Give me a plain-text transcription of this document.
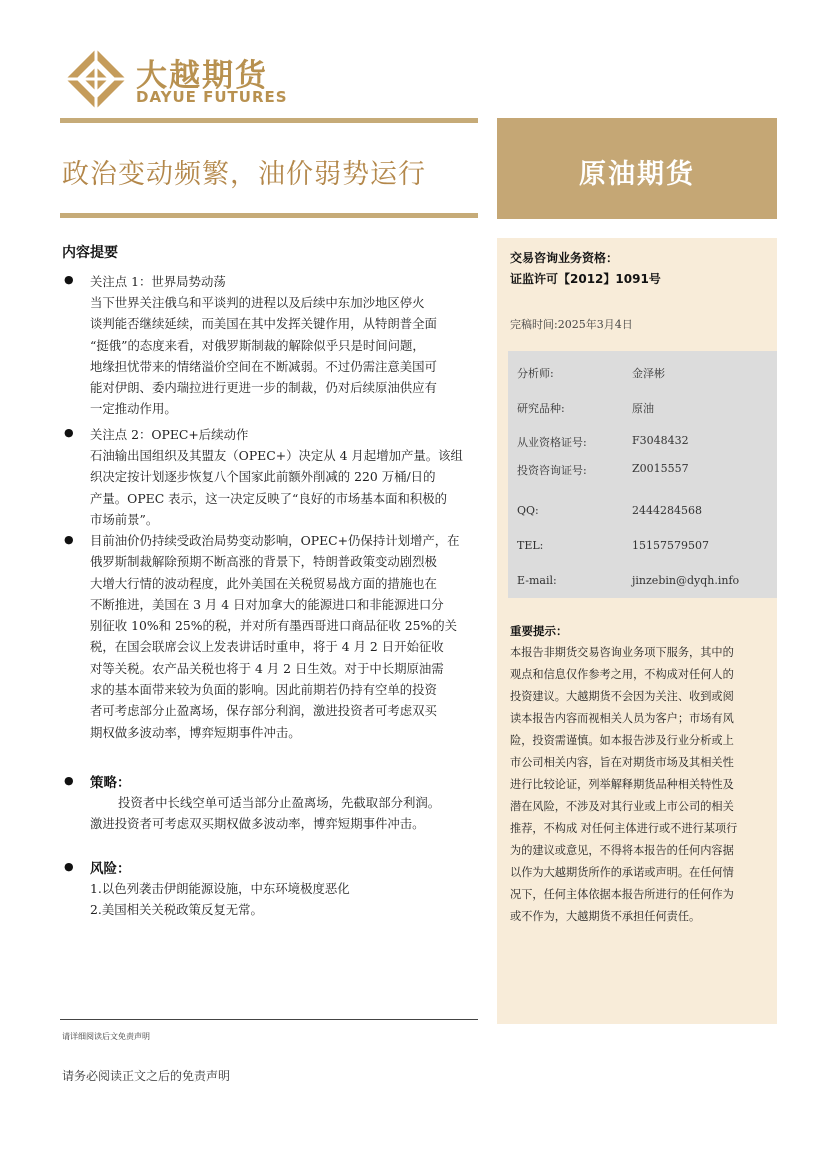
大越期货
DAYUE FUTURES
政治变动频繁，油价弱势运行	原油期货
内容提要
● 关注点 1：世界局势动荡
当下世界关注俄乌和平谈判的进程以及后续中东加沙地区停火
谈判能否继续延续，而美国在其中发挥关键作用，从特朗普全面
“挺俄”的态度来看，对俄罗斯制裁的解除似乎只是时间问题，
地缘担忧带来的情绪溢价空间在不断减弱。不过仍需注意美国可
能对伊朗、委内瑞拉进行更进一步的制裁，仍对后续原油供应有
一定推动作用。
● 关注点 2：OPEC+后续动作
石油输出国组织及其盟友（OPEC+）决定从 4 月起增加产量。该组
织决定按计划逐步恢复八个国家此前额外削减的 220 万桶/日的
产量。OPEC 表示，这一决定反映了“良好的市场基本面和积极的
市场前景”。
● 目前油价仍持续受政治局势变动影响，OPEC+仍保持计划增产，在
俄罗斯制裁解除预期不断高涨的背景下，特朗普政策变动剧烈极
大增大行情的波动程度，此外美国在关税贸易战方面的措施也在
不断推进，美国在 3 月 4 日对加拿大的能源进口和非能源进口分
别征收 10%和 25%的税，并对所有墨西哥进口商品征收 25%的关
税，在国会联席会议上发表讲话时重申，将于 4 月 2 日开始征收
对等关税。农产品关税也将于 4 月 2 日生效。对于中长期原油需
求的基本面带来较为负面的影响。因此前期若仍持有空单的投资
者可考虑部分止盈离场，保存部分利润，激进投资者可考虑双买
期权做多波动率，博弈短期事件冲击。
● 策略：
投资者中长线空单可适当部分止盈离场，先截取部分利润。
激进投资者可考虑双买期权做多波动率，博弈短期事件冲击。
● 风险：
1.以色列袭击伊朗能源设施，中东环境极度恶化
2.美国相关关税政策反复无常。
交易咨询业务资格：
证监许可【2012】1091号
完稿时间:2025年3月4日
分析师:	金泽彬
研究品种:	原油
从业资格证号:	F3048432
投资咨询证号:	Z0015557
QQ:	2444284568
TEL:	15157579507
E-mail:	jinzebin@dyqh.info
重要提示：
本报告非期货交易咨询业务项下服务，其中的
观点和信息仅作参考之用，不构成对任何人的
投资建议。大越期货不会因为关注、收到或阅
读本报告内容而视相关人员为客户；市场有风
险，投资需谨慎。如本报告涉及行业分析或上
市公司相关内容，旨在对期货市场及其相关性
进行比较论证，列举解释期货品种相关特性及
潜在风险，不涉及对其行业或上市公司的相关
推荐，不构成 对任何主体进行或不进行某项行
为的建议或意见，不得将本报告的任何内容据
以作为大越期货所作的承诺或声明。在任何情
况下，任何主体依据本报告所进行的任何作为
或不作为，大越期货不承担任何责任。
请详细阅读后文免责声明
请务必阅读正文之后的免责声明
